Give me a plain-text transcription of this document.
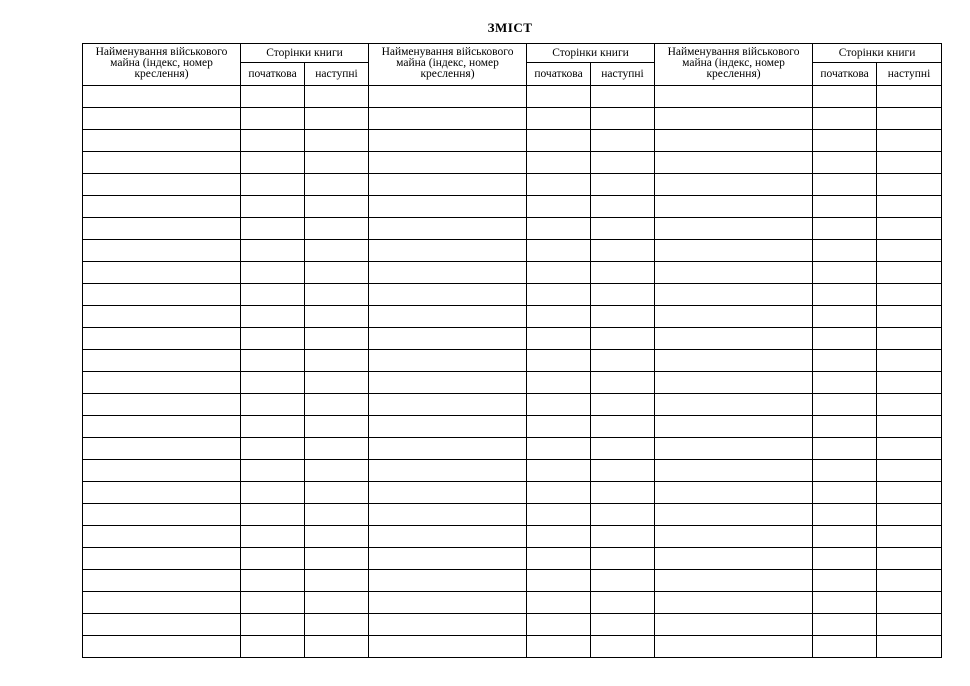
ЗМІСТ
Найменування військового майна (індекс, номер креслення)	Сторінки книги		Найменування військового майна (індекс, номер креслення)	Сторінки книги		Найменування військового майна (індекс, номер креслення)	Сторінки книги	
	початкова	наступні		початкова	наступні		початкова	наступні
